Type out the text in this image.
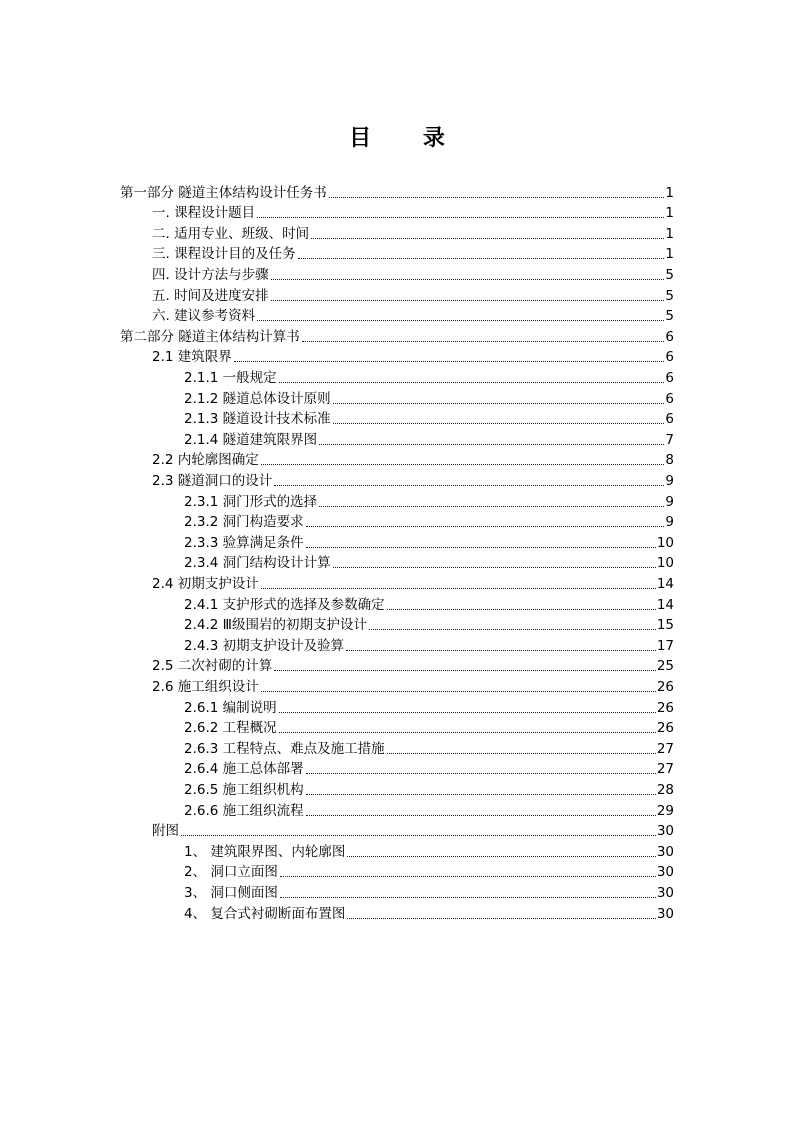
目 录
第一部分 隧道主体结构设计任务书	1
一. 课程设计题目	1
二. 适用专业、班级、时间	1
三. 课程设计目的及任务	1
四. 设计方法与步骤	5
五. 时间及进度安排	5
六. 建议参考资料	5
第二部分 隧道主体结构计算书	6
2.1 建筑限界	6
2.1.1 一般规定	6
2.1.2 隧道总体设计原则	6
2.1.3 隧道设计技术标准	6
2.1.4 隧道建筑限界图	7
2.2 内轮廓图确定	8
2.3 隧道洞口的设计	9
2.3.1 洞门形式的选择	9
2.3.2 洞门构造要求	9
2.3.3 验算满足条件	10
2.3.4 洞门结构设计计算	10
2.4 初期支护设计	14
2.4.1 支护形式的选择及参数确定	14
2.4.2 Ⅲ级围岩的初期支护设计	15
2.4.3 初期支护设计及验算	17
2.5 二次衬砌的计算	25
2.6 施工组织设计	26
2.6.1 编制说明	26
2.6.2 工程概况	26
2.6.3 工程特点、难点及施工措施	27
2.6.4 施工总体部署	27
2.6.5 施工组织机构	28
2.6.6 施工组织流程	29
附图	30
1、 建筑限界图、内轮廓图	30
2、 洞口立面图	30
3、 洞口侧面图	30
4、 复合式衬砌断面布置图	30
